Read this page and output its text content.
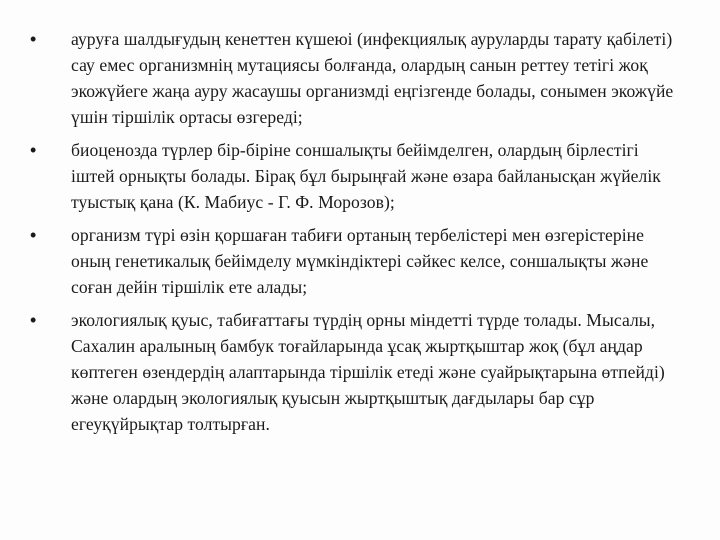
•	ауруға шалдығудың кенеттен күшеюі (инфекциялық ауруларды тарату қабілеті) сау емес организмнің мутациясы болғанда, олардың санын реттеу тетігі жоқ экожүйеге жаңа ауру жасаушы организмді еңгізгенде болады, сонымен экожүйе үшін тіршілік ортасы өзгереді;
•	биоценозда түрлер бір-біріне соншалықты бейімделген, олардың бірлестігі іштей орнықты болады. Бірақ бұл бырыңғай және өзара байланысқан жүйелік туыстық қана (К. Мабиус - Г. Ф. Морозов);
•	организм түрі өзін қоршаған табиғи ортаның тербелістері мен өзгерістеріне оның генетикалық бейімделу мүмкіндіктері сәйкес келсе, соншалықты және соған дейін тіршілік ете алады;
•	экологиялық қуыс, табиғаттағы түрдің орны міндетті түрде толады. Мысалы, Сахалин аралының бамбук тоғайларында ұсақ жыртқыштар жоқ (бұл аңдар көптеген өзендердің алаптарында тіршілік етеді және суайрықтарына өтпейді) және олардың экологиялық қуысын жыртқыштық дағдылары бар сұр егеуқүйрықтар толтырған.
